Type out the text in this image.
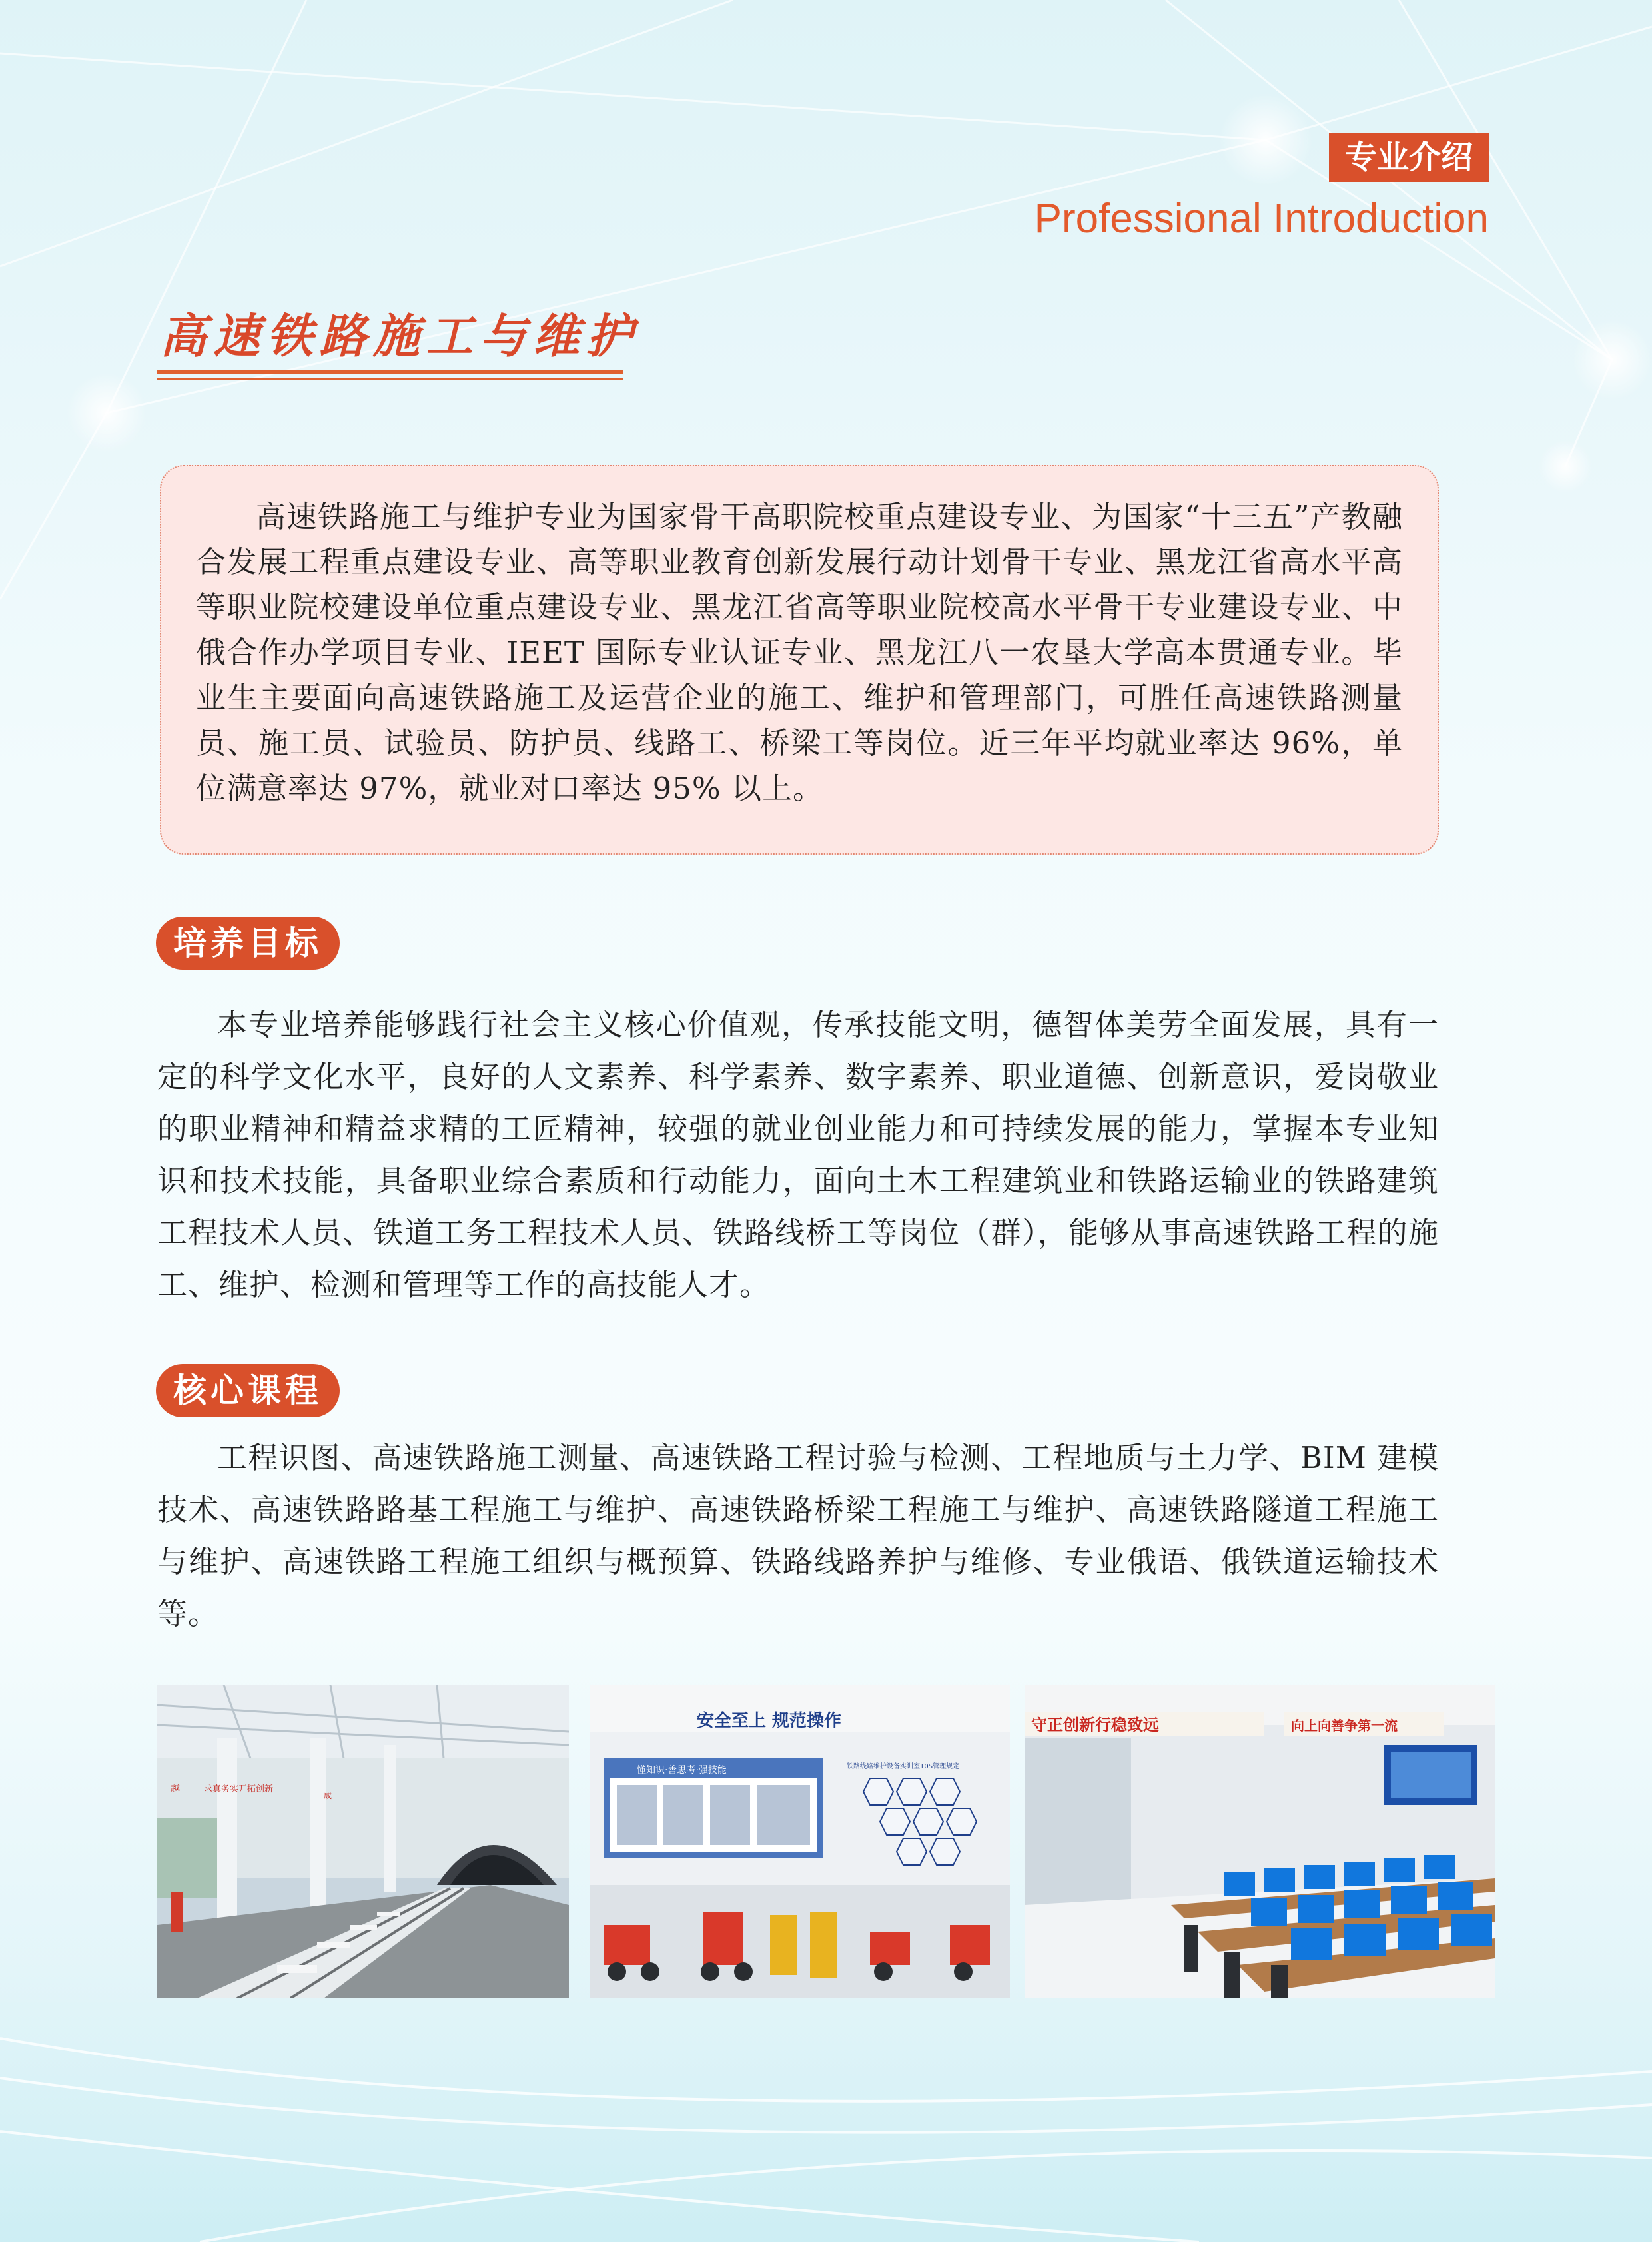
专业介绍
Professional Introduction
高速铁路施工与维护

高速铁路施工与维护专业为国家骨干高职院校重点建设专业、为国家“十三五”产教融合发展工程重点建设专业、高等职业教育创新发展行动计划骨干专业、黑龙江省高水平高等职业院校建设单位重点建设专业、黑龙江省高等职业院校高水平骨干专业建设专业、中俄合作办学项目专业、IEET 国际专业认证专业、黑龙江八一农垦大学高本贯通专业。毕业生主要面向高速铁路施工及运营企业的施工、维护和管理部门，可胜任高速铁路测量员、施工员、试验员、防护员、线路工、桥梁工等岗位。近三年平均就业率达 96%，单位满意率达 97%，就业对口率达 95% 以上。

培养目标

本专业培养能够践行社会主义核心价值观，传承技能文明，德智体美劳全面发展，具有一定的科学文化水平，良好的人文素养、科学素养、数字素养、职业道德、创新意识，爱岗敬业的职业精神和精益求精的工匠精神，较强的就业创业能力和可持续发展的能力，掌握本专业知识和技术技能，具备职业综合素质和行动能力，面向土木工程建筑业和铁路运输业的铁路建筑工程技术人员、铁道工务工程技术人员、铁路线桥工等岗位（群），能够从事高速铁路工程的施工、维护、检测和管理等工作的高技能人才。

核心课程

工程识图、高速铁路施工测量、高速铁路工程讨验与检测、工程地质与土力学、BIM 建模技术、高速铁路路基工程施工与维护、高速铁路桥梁工程施工与维护、高速铁路隧道工程施工与维护、高速铁路工程施工组织与概预算、铁路线路养护与维修、专业俄语、俄铁道运输技术等。

求真务实开拓创新
越
成
安全至上 规范操作
懂知识·善思考·强技能	铁路线路维护设备实训室10S管理规定
守正创新行稳致远	向上向善争第一流
